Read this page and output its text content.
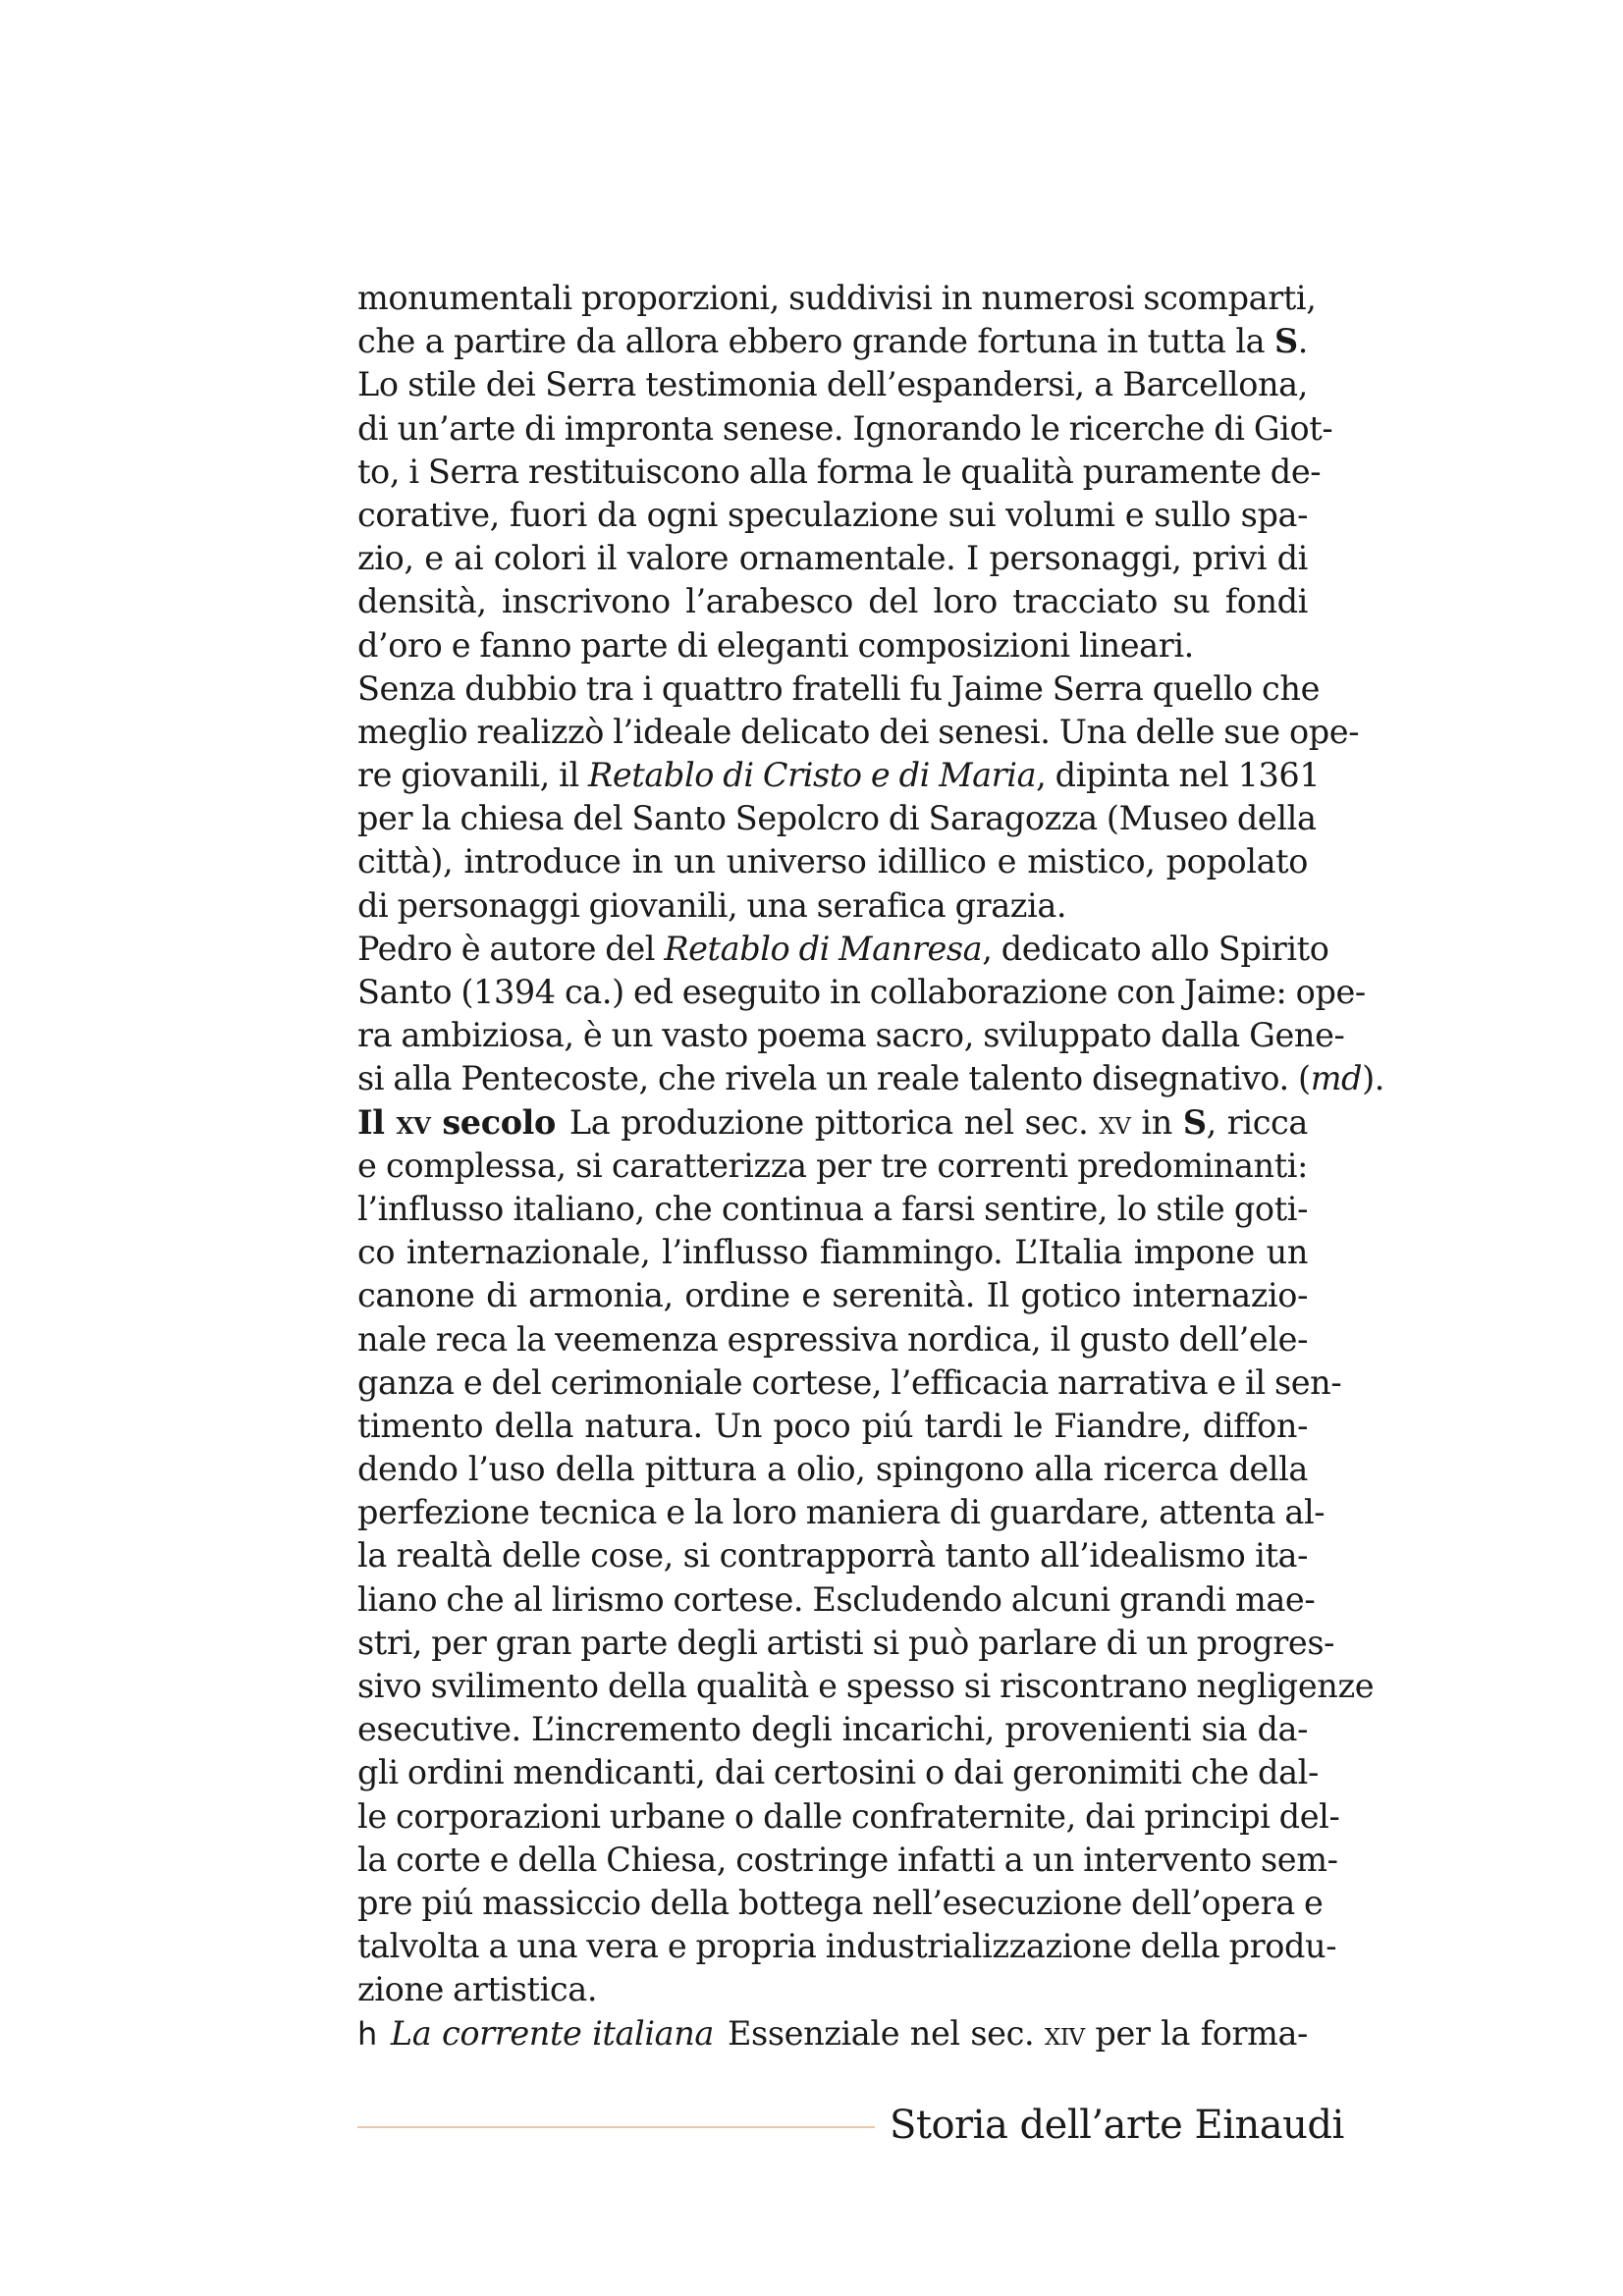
monumentali proporzioni, suddivisi in numerosi scomparti,
che a partire da allora ebbero grande fortuna in tutta la S.
Lo stile dei Serra testimonia dell’espandersi, a Barcellona,
di un’arte di impronta senese. Ignorando le ricerche di Giot-
to, i Serra restituiscono alla forma le qualità puramente de-
corative, fuori da ogni speculazione sui volumi e sullo spa-
zio, e ai colori il valore ornamentale. I personaggi, privi di
densità, inscrivono l’arabesco del loro tracciato su fondi
d’oro e fanno parte di eleganti composizioni lineari.
Senza dubbio tra i quattro fratelli fu Jaime Serra quello che
meglio realizzò l’ideale delicato dei senesi. Una delle sue ope-
re giovanili, il Retablo di Cristo e di Maria, dipinta nel 1361
per la chiesa del Santo Sepolcro di Saragozza (Museo della
città), introduce in un universo idillico e mistico, popolato
di personaggi giovanili, una serafica grazia.
Pedro è autore del Retablo di Manresa, dedicato allo Spirito
Santo (1394 ca.) ed eseguito in collaborazione con Jaime: ope-
ra ambiziosa, è un vasto poema sacro, sviluppato dalla Gene-
si alla Pentecoste, che rivela un reale talento disegnativo. (md).
Il xv secolo La produzione pittorica nel sec. xv in S, ricca
e complessa, si caratterizza per tre correnti predominanti:
l’influsso italiano, che continua a farsi sentire, lo stile goti-
co internazionale, l’influsso fiammingo. L’Italia impone un
canone di armonia, ordine e serenità. Il gotico internazio-
nale reca la veemenza espressiva nordica, il gusto dell’ele-
ganza e del cerimoniale cortese, l’efficacia narrativa e il sen-
timento della natura. Un poco piú tardi le Fiandre, diffon-
dendo l’uso della pittura a olio, spingono alla ricerca della
perfezione tecnica e la loro maniera di guardare, attenta al-
la realtà delle cose, si contrapporrà tanto all’idealismo ita-
liano che al lirismo cortese. Escludendo alcuni grandi mae-
stri, per gran parte degli artisti si può parlare di un progres-
sivo svilimento della qualità e spesso si riscontrano negligenze
esecutive. L’incremento degli incarichi, provenienti sia da-
gli ordini mendicanti, dai certosini o dai geronimiti che dal-
le corporazioni urbane o dalle confraternite, dai principi del-
la corte e della Chiesa, costringe infatti a un intervento sem-
pre piú massiccio della bottega nell’esecuzione dell’opera e
talvolta a una vera e propria industrializzazione della produ-
zione artistica.
h La corrente italiana Essenziale nel sec. xiv per la forma-
Storia dell’arte Einaudi
